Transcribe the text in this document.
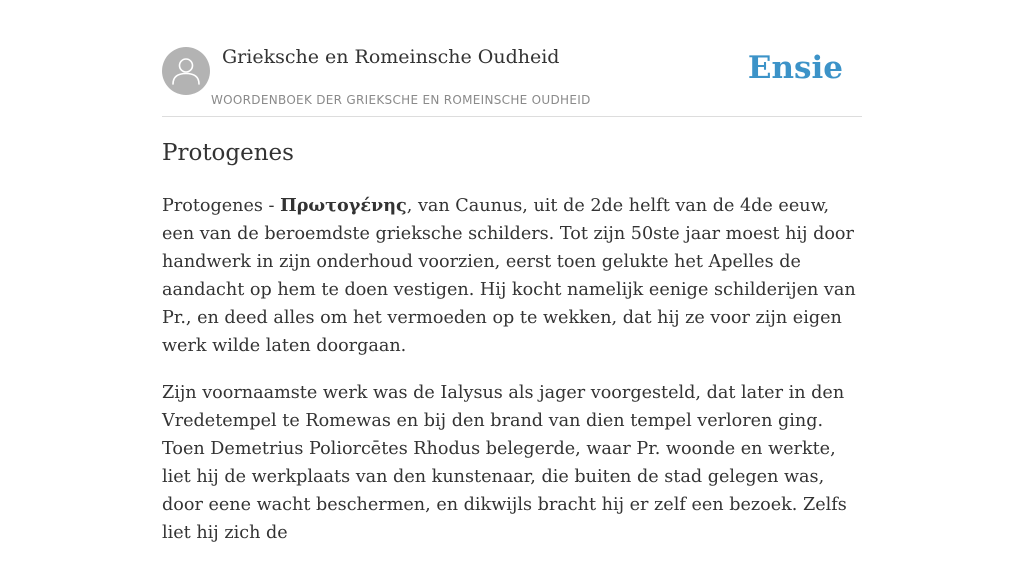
Grieksche en Romeinsche Oudheid
WOORDENBOEK DER GRIEKSCHE EN ROMEINSCHE OUDHEID
Ensie
Protogenes

Protogenes - Πρωτογένης, van Caunus, uit de 2de helft van de 4de eeuw, een van de beroemdste grieksche schilders. Tot zijn 50ste jaar moest hij door handwerk in zijn onderhoud voorzien, eerst toen gelukte het Apelles de aandacht op hem te doen vestigen. Hij kocht namelijk eenige schilderijen van Pr., en deed alles om het vermoeden op te wekken, dat hij ze voor zijn eigen werk wilde laten doorgaan.

Zijn voornaamste werk was de Ialysus als jager voorgesteld, dat later in den Vredetempel te Romewas en bij den brand van dien tempel verloren ging. Toen Demetrius Poliorcētes Rhodus belegerde, waar Pr. woonde en werkte, liet hij de werkplaats van den kunstenaar, die buiten de stad gelegen was, door eene wacht beschermen, en dikwijls bracht hij er zelf een bezoek. Zelfs liet hij zich de
